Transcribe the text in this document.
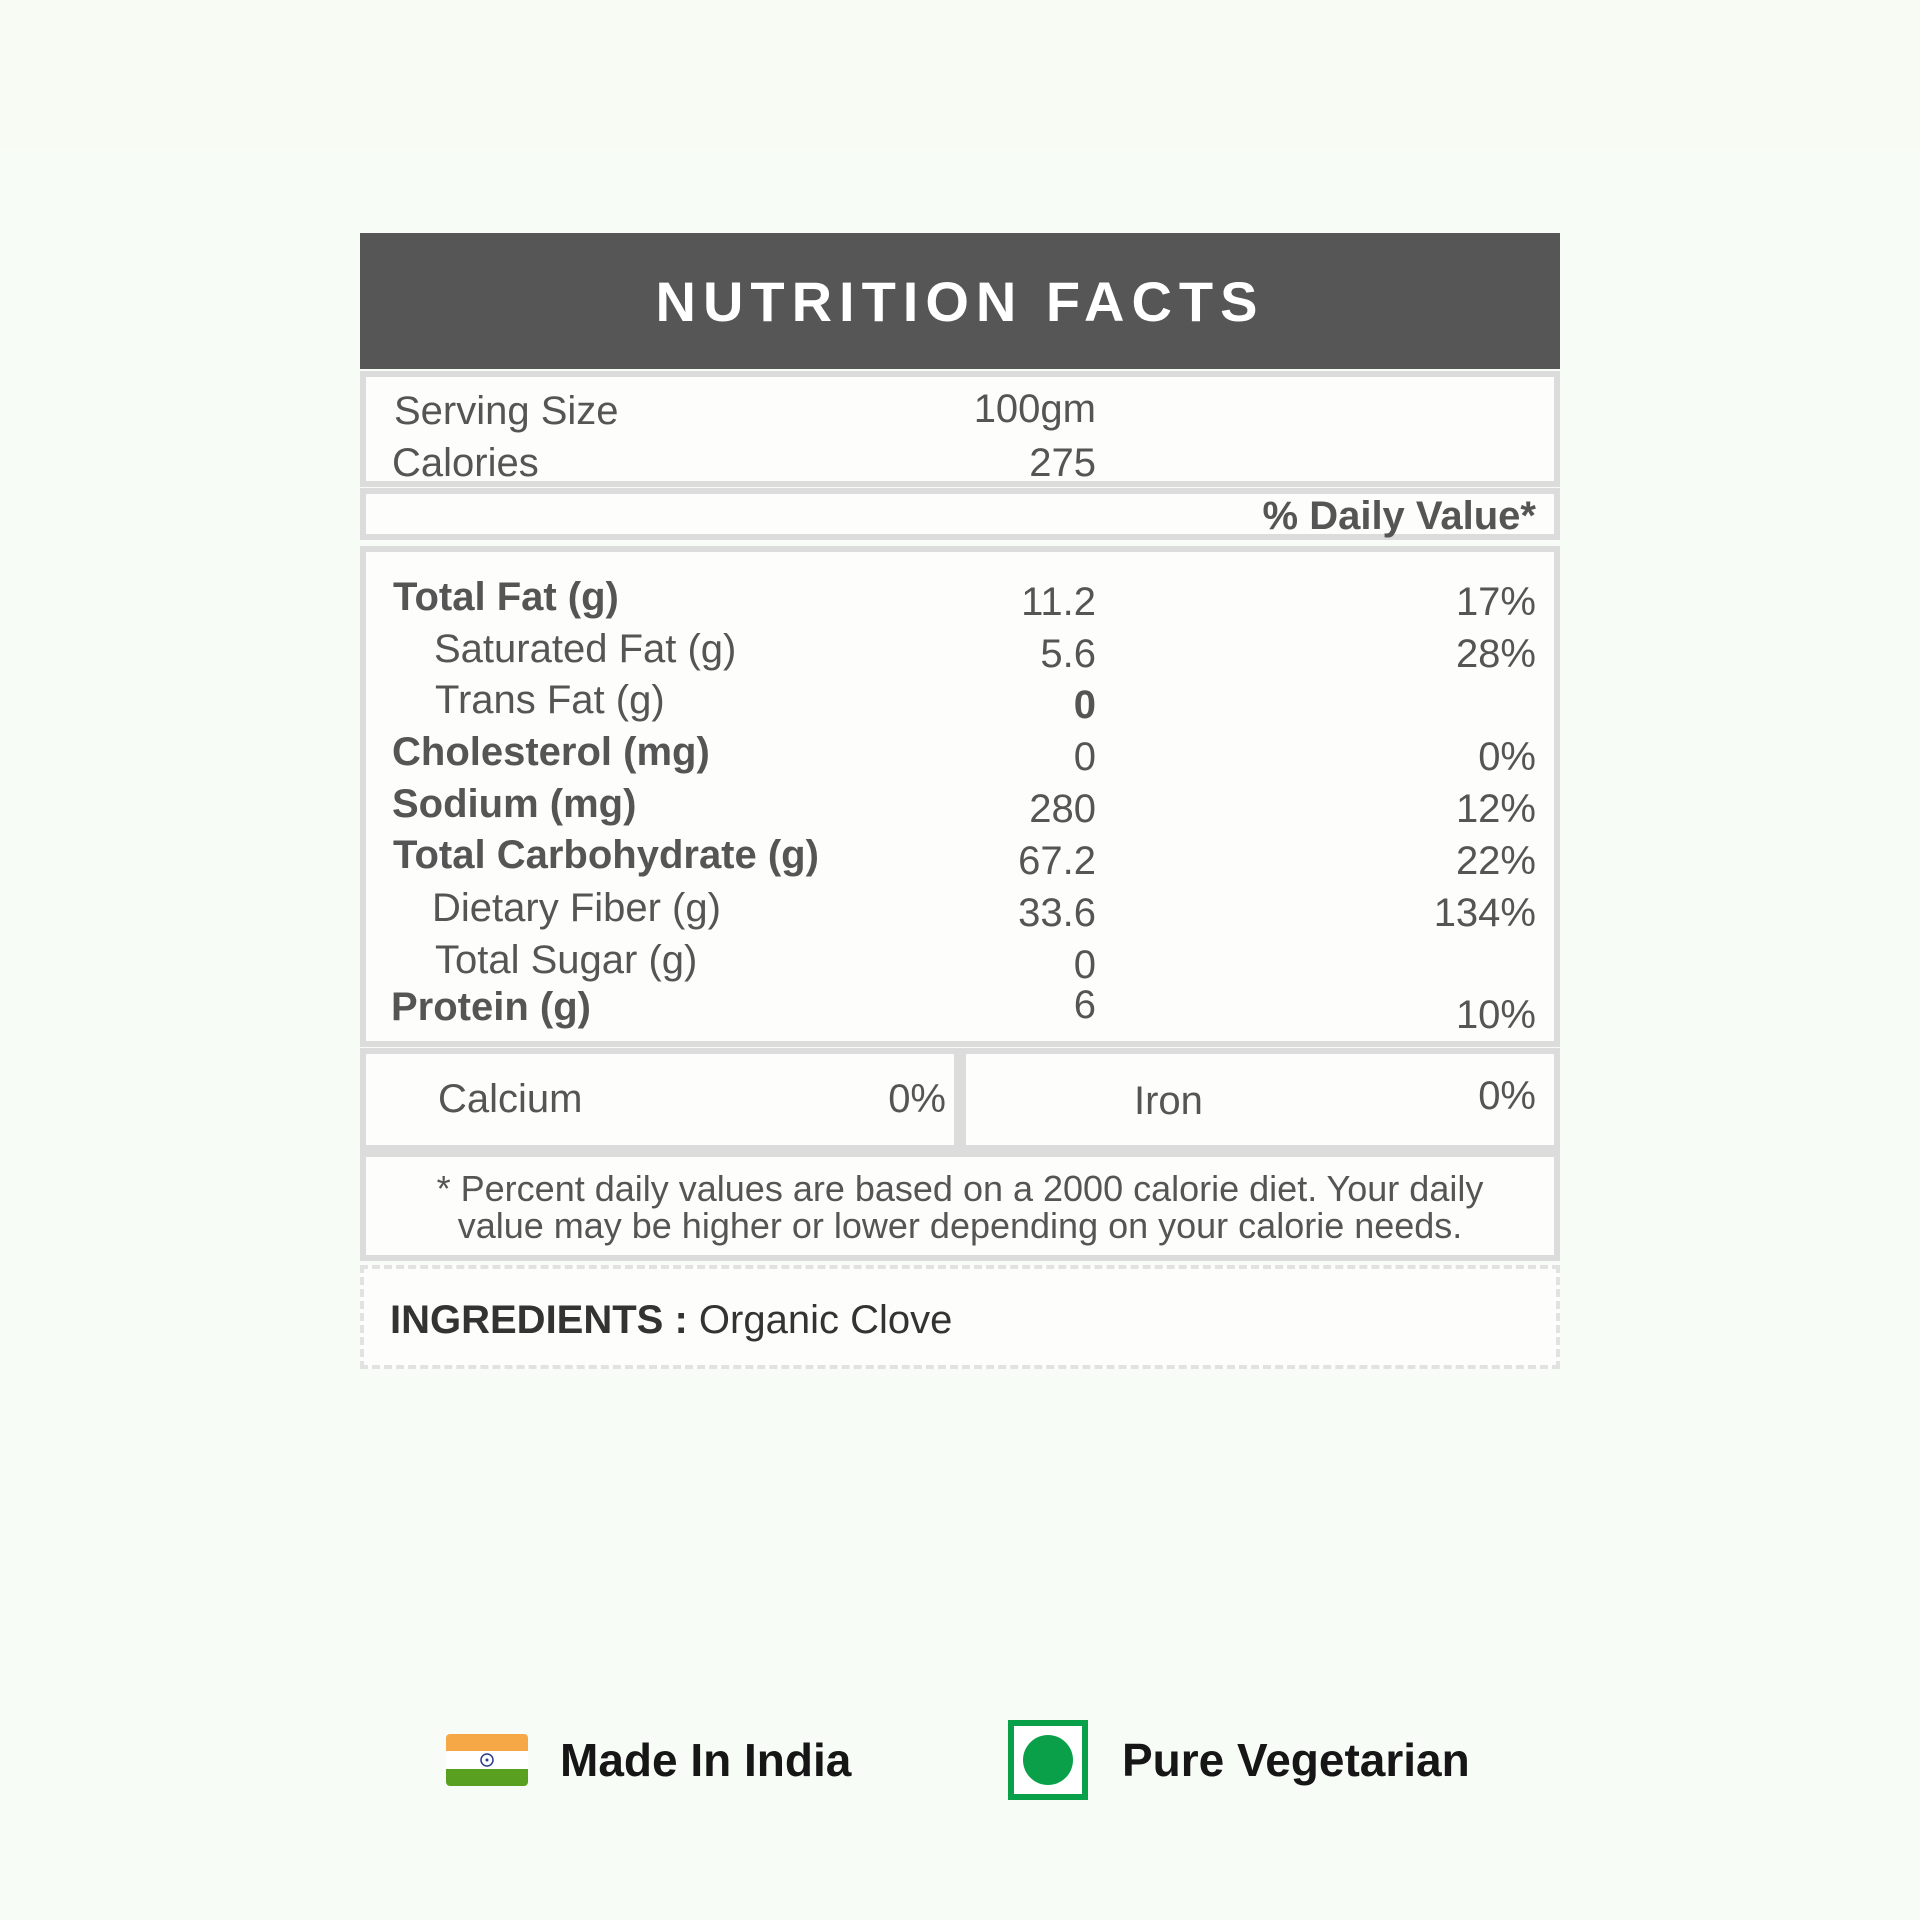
NUTRITION FACTS
Serving Size	100gm
Calories	275
% Daily Value*
Total Fat (g)	11.2	17%
Saturated Fat (g)	5.6	28%
Trans Fat (g)	0
Cholesterol (mg)	0	0%
Sodium (mg)	280	12%
Total Carbohydrate (g)	67.2	22%
Dietary Fiber (g)	33.6	134%
Total Sugar (g)	0
Protein (g)	6	10%
Calcium	0%	Iron	0%
* Percent daily values are based on a 2000 calorie diet. Your daily
value may be higher or lower depending on your calorie needs.
INGREDIENTS : Organic Clove
Made In India	Pure Vegetarian
